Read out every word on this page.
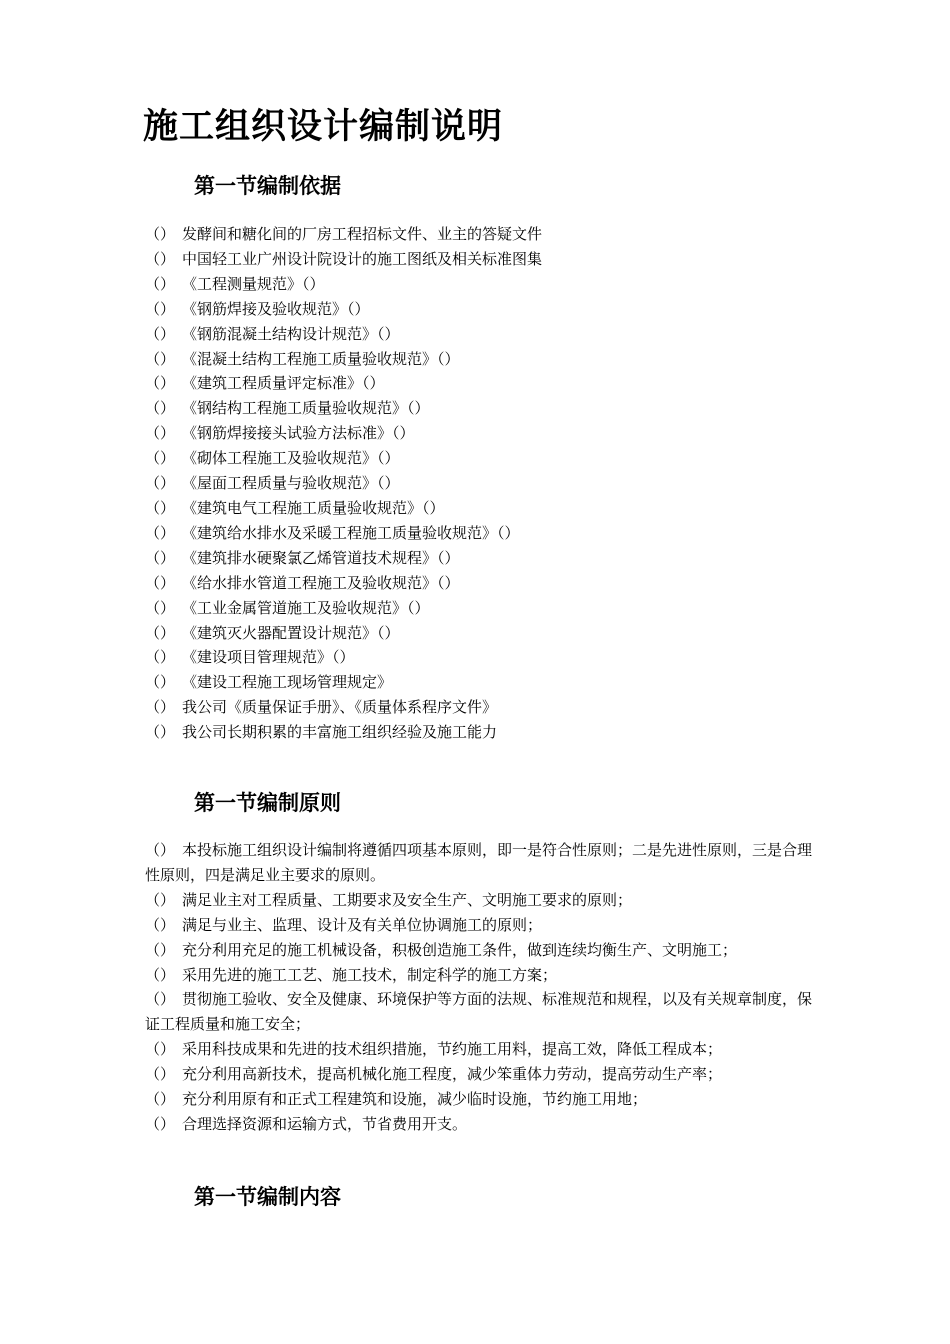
施工组织设计编制说明
第一节编制依据
（） 发酵间和糖化间的厂房工程招标文件、业主的答疑文件
（） 中国轻工业广州设计院设计的施工图纸及相关标准图集
（） 《工程测量规范》（）
（） 《钢筋焊接及验收规范》（）
（） 《钢筋混凝土结构设计规范》（）
（） 《混凝土结构工程施工质量验收规范》（）
（） 《建筑工程质量评定标准》（）
（） 《钢结构工程施工质量验收规范》（）
（） 《钢筋焊接接头试验方法标准》（）
（） 《砌体工程施工及验收规范》（）
（） 《屋面工程质量与验收规范》（）
（） 《建筑电气工程施工质量验收规范》（）
（） 《建筑给水排水及采暖工程施工质量验收规范》（）
（） 《建筑排水硬聚氯乙烯管道技术规程》（）
（） 《给水排水管道工程施工及验收规范》（）
（） 《工业金属管道施工及验收规范》（）
（） 《建筑灭火器配置设计规范》（）
（） 《建设项目管理规范》（）
（） 《建设工程施工现场管理规定》
（） 我公司《质量保证手册》、《质量体系程序文件》
（） 我公司长期积累的丰富施工组织经验及施工能力
第一节编制原则
（） 本投标施工组织设计编制将遵循四项基本原则，即一是符合性原则；二是先进性原则，三是合理性原则，四是满足业主要求的原则。
（） 满足业主对工程质量、工期要求及安全生产、文明施工要求的原则；
（） 满足与业主、监理、设计及有关单位协调施工的原则；
（） 充分利用充足的施工机械设备，积极创造施工条件，做到连续均衡生产、文明施工；
（） 采用先进的施工工艺、施工技术，制定科学的施工方案；
（） 贯彻施工验收、安全及健康、环境保护等方面的法规、标准规范和规程，以及有关规章制度，保证工程质量和施工安全；
（） 采用科技成果和先进的技术组织措施，节约施工用料，提高工效，降低工程成本；
（） 充分利用高新技术，提高机械化施工程度，减少笨重体力劳动，提高劳动生产率；
（） 充分利用原有和正式工程建筑和设施，减少临时设施，节约施工用地；
（） 合理选择资源和运输方式，节省费用开支。
第一节编制内容
